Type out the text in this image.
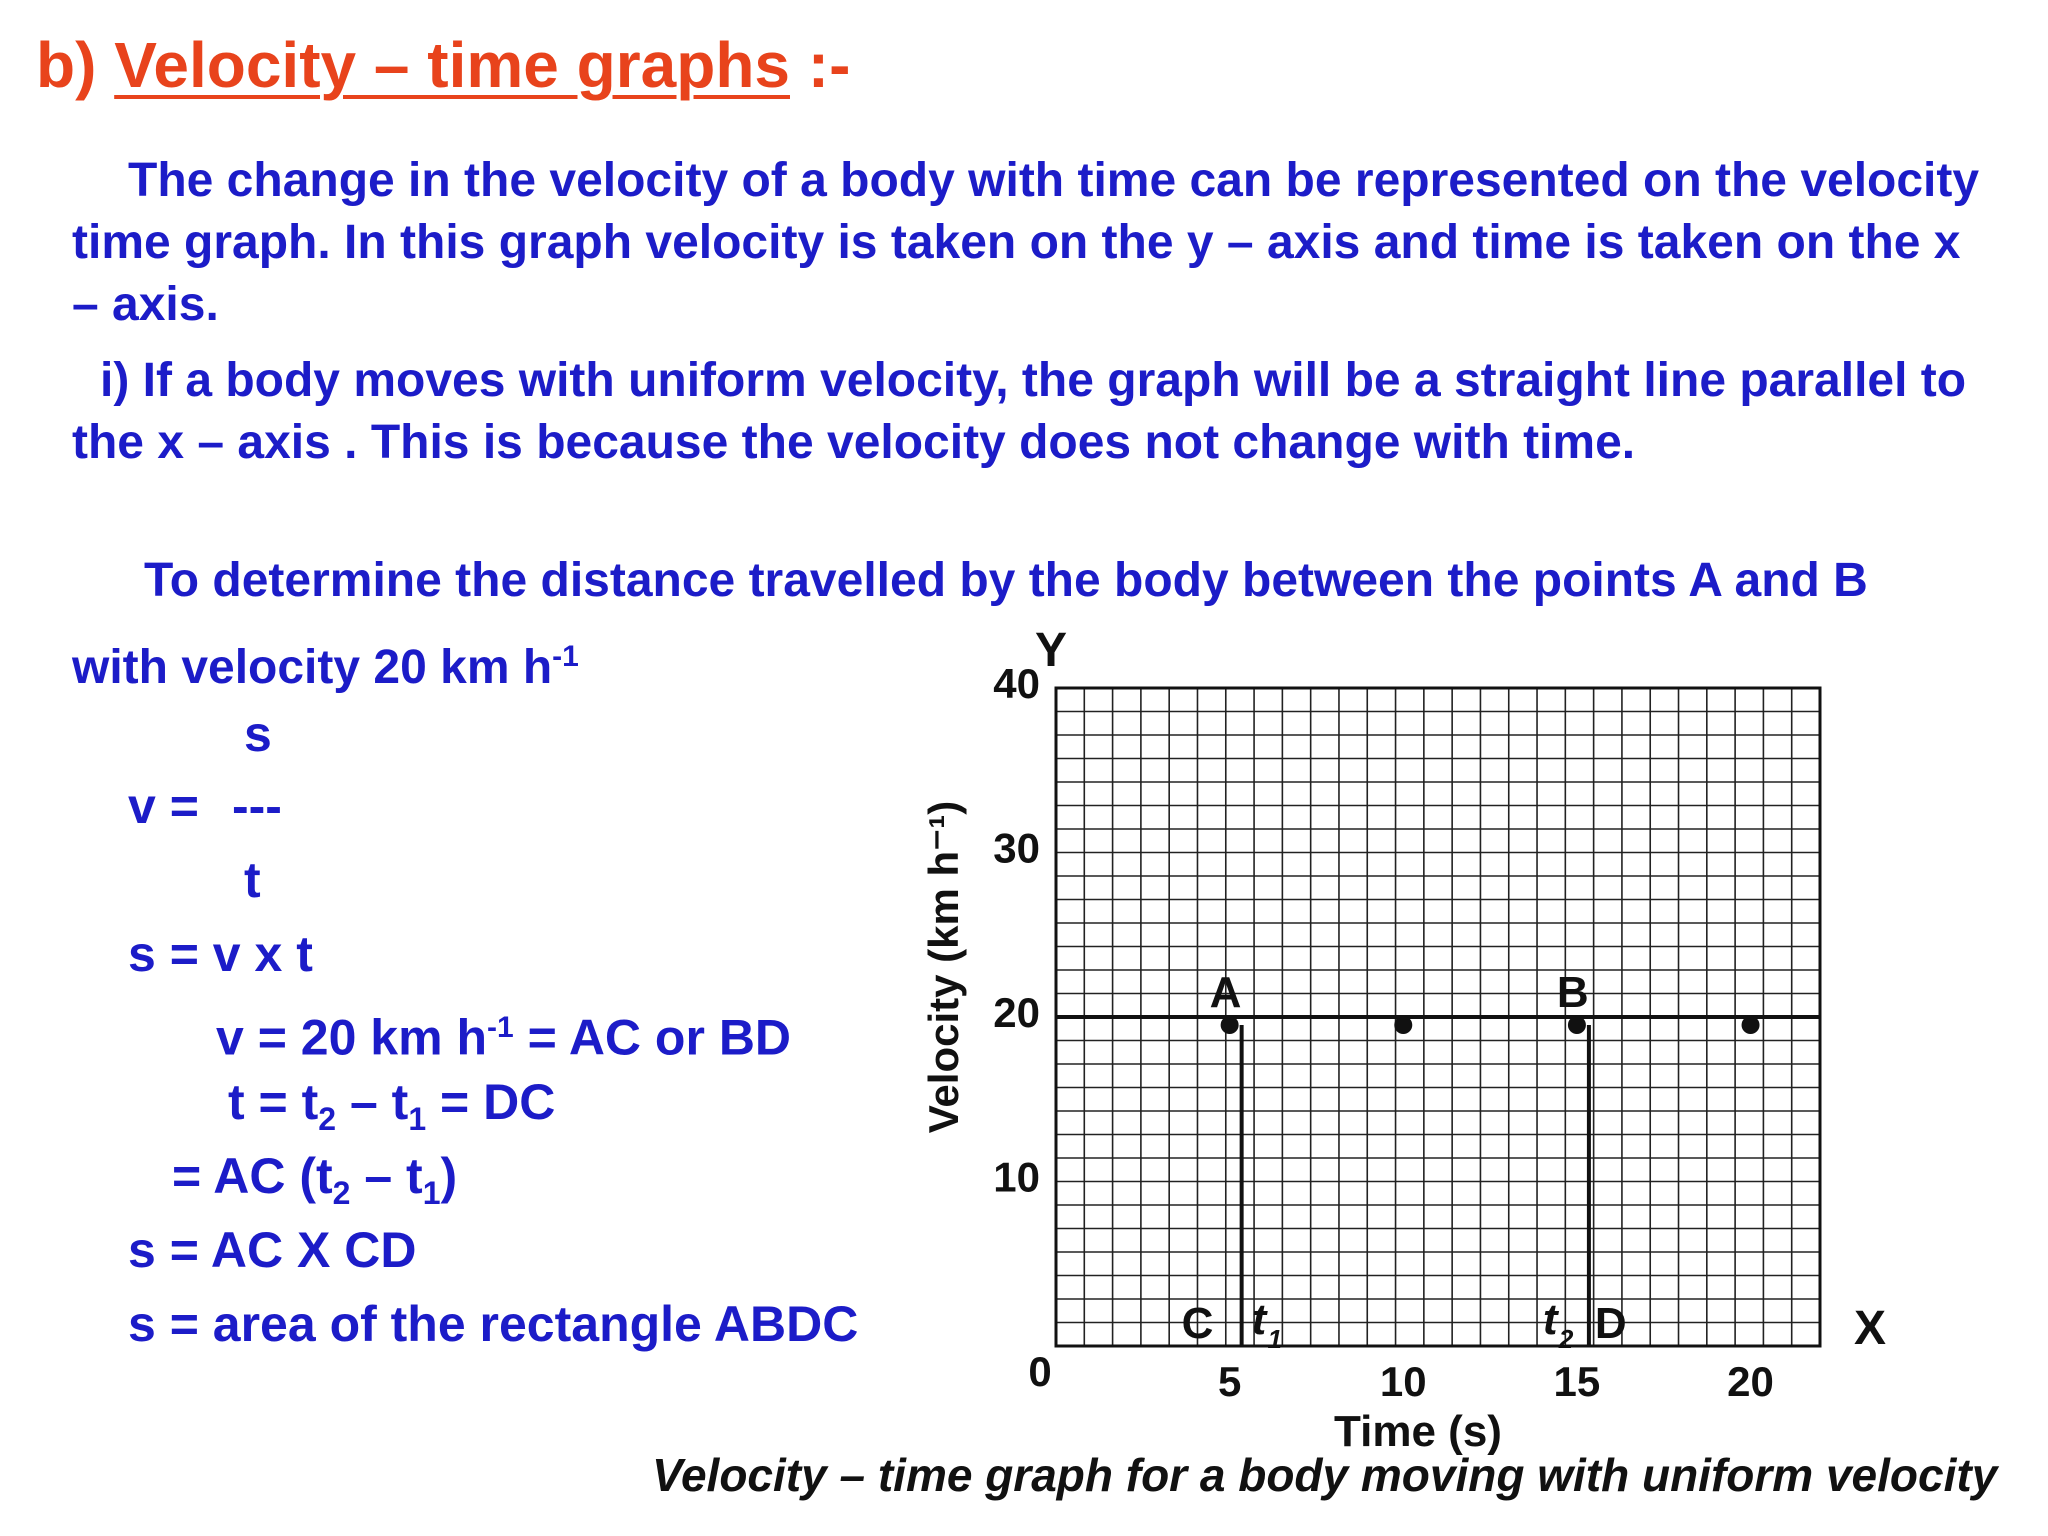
b) Velocity – time graphs :-
The change in the velocity of a body with time can be represented on the velocity time graph. In this graph velocity is taken on the y – axis and time is taken on the x – axis.
i) If a body moves with uniform velocity, the graph will be a straight line parallel to the x – axis . This is because the velocity does not change with time.
To determine the distance travelled by the body between the points A and B
with velocity 20 km $h^{-1}$
s
v = ---
t
s = v x t
v = 20 km $h^{-1}$ = AC or BD
$t = t_2 - t_1$ = DC
= AC $(t_2 - t_1)$
s = AC X CD
s = area of the rectangle ABDC
A	B
10
20
30
40
0	5	10	15	20
Y
X
Time (s)
Velocity (km h⁻¹)
C t 1	t 2 D
Velocity – time graph for a body moving with uniform velocity
